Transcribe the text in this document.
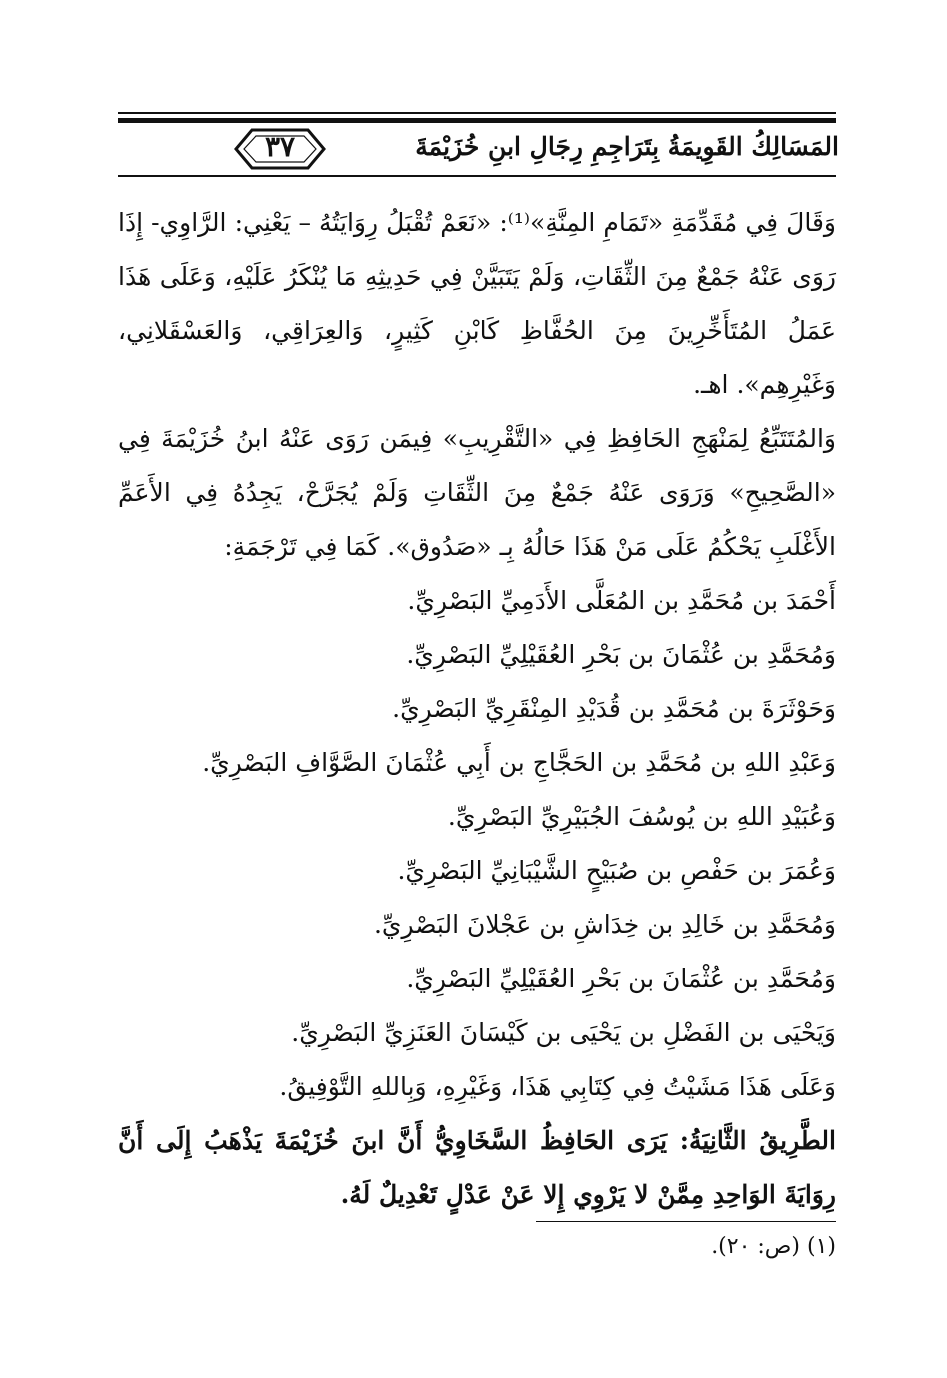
المَسَالِكُ القَوِيمَةُ بِتَرَاجِمِ رِجَالِ ابنِ خُزَيْمَةَ
٣٧

وَقَالَ فِي مُقَدِّمَةِ «تَمَامِ المِنَّةِ»⁽¹⁾: «نَعَمْ تُقْبَلُ رِوَايَتُهُ – يَعْنِي: الرَّاوِي- إِذَا رَوَى عَنْهُ جَمْعٌ مِنَ الثِّقَاتِ، وَلَمْ يَتَبَيَّنْ فِي حَدِيثِهِ مَا يُنْكَرُ عَلَيْهِ، وَعَلَى هَذَا عَمَلُ المُتَأَخِّرِينَ مِنَ الحُفَّاظِ كَابْنِ كَثِيرٍ، وَالعِرَاقِي، وَالعَسْقَلانِي، وَغَيْرِهِم». اهـ.

وَالمُتَتَبِّعُ لِمَنْهَجِ الحَافِظِ فِي «التَّقْرِيبِ» فِيمَن رَوَى عَنْهُ ابنُ خُزَيْمَةَ فِي «الصَّحِيحِ» وَرَوَى عَنْهُ جَمْعٌ مِنَ الثِّقَاتِ وَلَمْ يُجَرَّحْ، يَجِدُهُ فِي الأَعَمِّ الأَغْلَبِ يَحْكُمُ عَلَى مَنْ هَذَا حَالُهُ بِـ «صَدُوق». كَمَا فِي تَرْجَمَةِ:

أَحْمَدَ بن مُحَمَّدِ بن المُعَلَّى الأَدَمِيِّ البَصْرِيِّ.

وَمُحَمَّدِ بن عُثْمَانَ بن بَحْرِ العُقَيْلِيِّ البَصْرِيِّ.

وَحَوْثَرَةَ بن مُحَمَّدِ بن قُدَيْدِ المِنْقَرِيِّ البَصْرِيِّ.

وَعَبْدِ اللهِ بن مُحَمَّدِ بن الحَجَّاجِ بن أَبِي عُثْمَانَ الصَّوَّافِ البَصْرِيِّ.

وَعُبَيْدِ اللهِ بن يُوسُفَ الجُبَيْرِيِّ البَصْرِيِّ.

وَعُمَرَ بن حَفْصِ بن صُبَيْحٍ الشَّيْبَانِيِّ البَصْرِيِّ.

وَمُحَمَّدِ بن خَالِدِ بن خِدَاشِ بن عَجْلانَ البَصْرِيِّ.

وَمُحَمَّدِ بن عُثْمَانَ بن بَحْرِ العُقَيْلِيِّ البَصْرِيِّ.

وَيَحْيَى بن الفَضْلِ بن يَحْيَى بن كَيْسَانَ العَنَزِيِّ البَصْرِيِّ.

وَعَلَى هَذَا مَشَيْتُ فِي كِتَابِي هَذَا، وَغَيْرِهِ، وَبِاللهِ التَّوْفِيقُ.

الطَّرِيقُ الثَّانِيَةُ: يَرَى الحَافِظُ السَّخَاوِيُّ أَنَّ ابنَ خُزَيْمَةَ يَذْهَبُ إِلَى أَنَّ رِوَايَةَ الوَاحِدِ مِمَّنْ لا يَرْوِي إِلا عَنْ عَدْلٍ تَعْدِيلٌ لَهُ.

(١) (ص: ٢٠).
